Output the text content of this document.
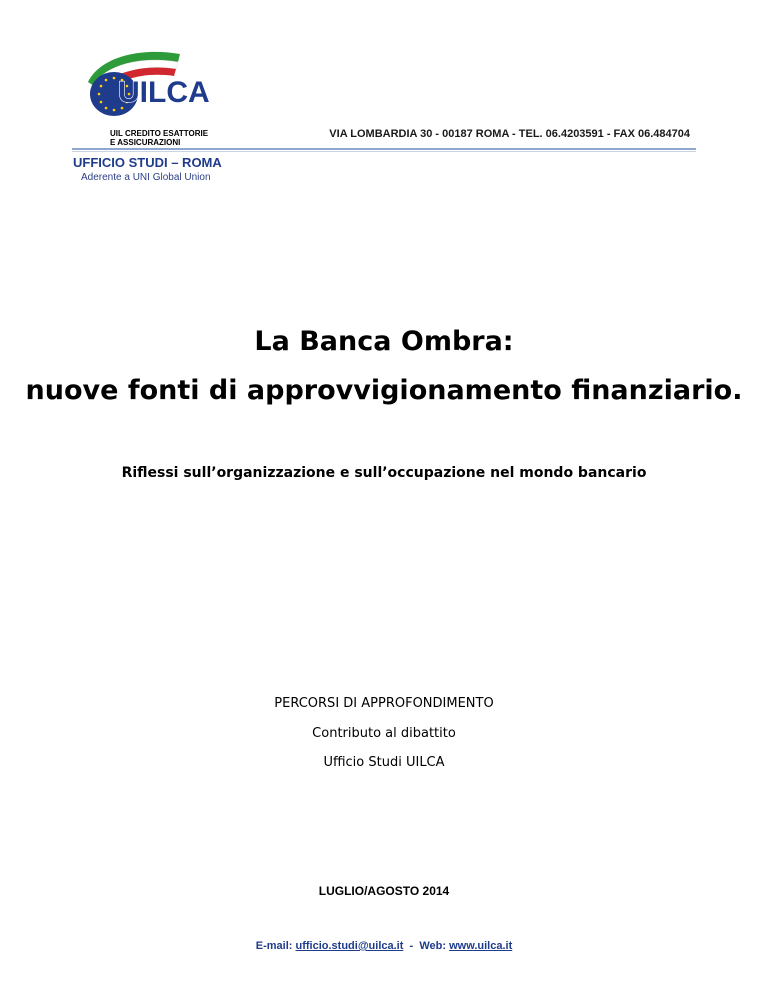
UILCA
UIL CREDITO ESATTORIE
E ASSICURAZIONI
VIA LOMBARDIA 30 - 00187 ROMA - TEL. 06.4203591 - FAX 06.484704
UFFICIO STUDI – ROMA
Aderente a UNI Global Union
La Banca Ombra:
nuove fonti di approvvigionamento finanziario.
Riflessi sull’organizzazione e sull’occupazione nel mondo bancario
PERCORSI DI APPROFONDIMENTO
Contributo al dibattito
Ufficio Studi UILCA
LUGLIO/AGOSTO 2014
E-mail: ufficio.studi@uilca.it - Web: www.uilca.it
